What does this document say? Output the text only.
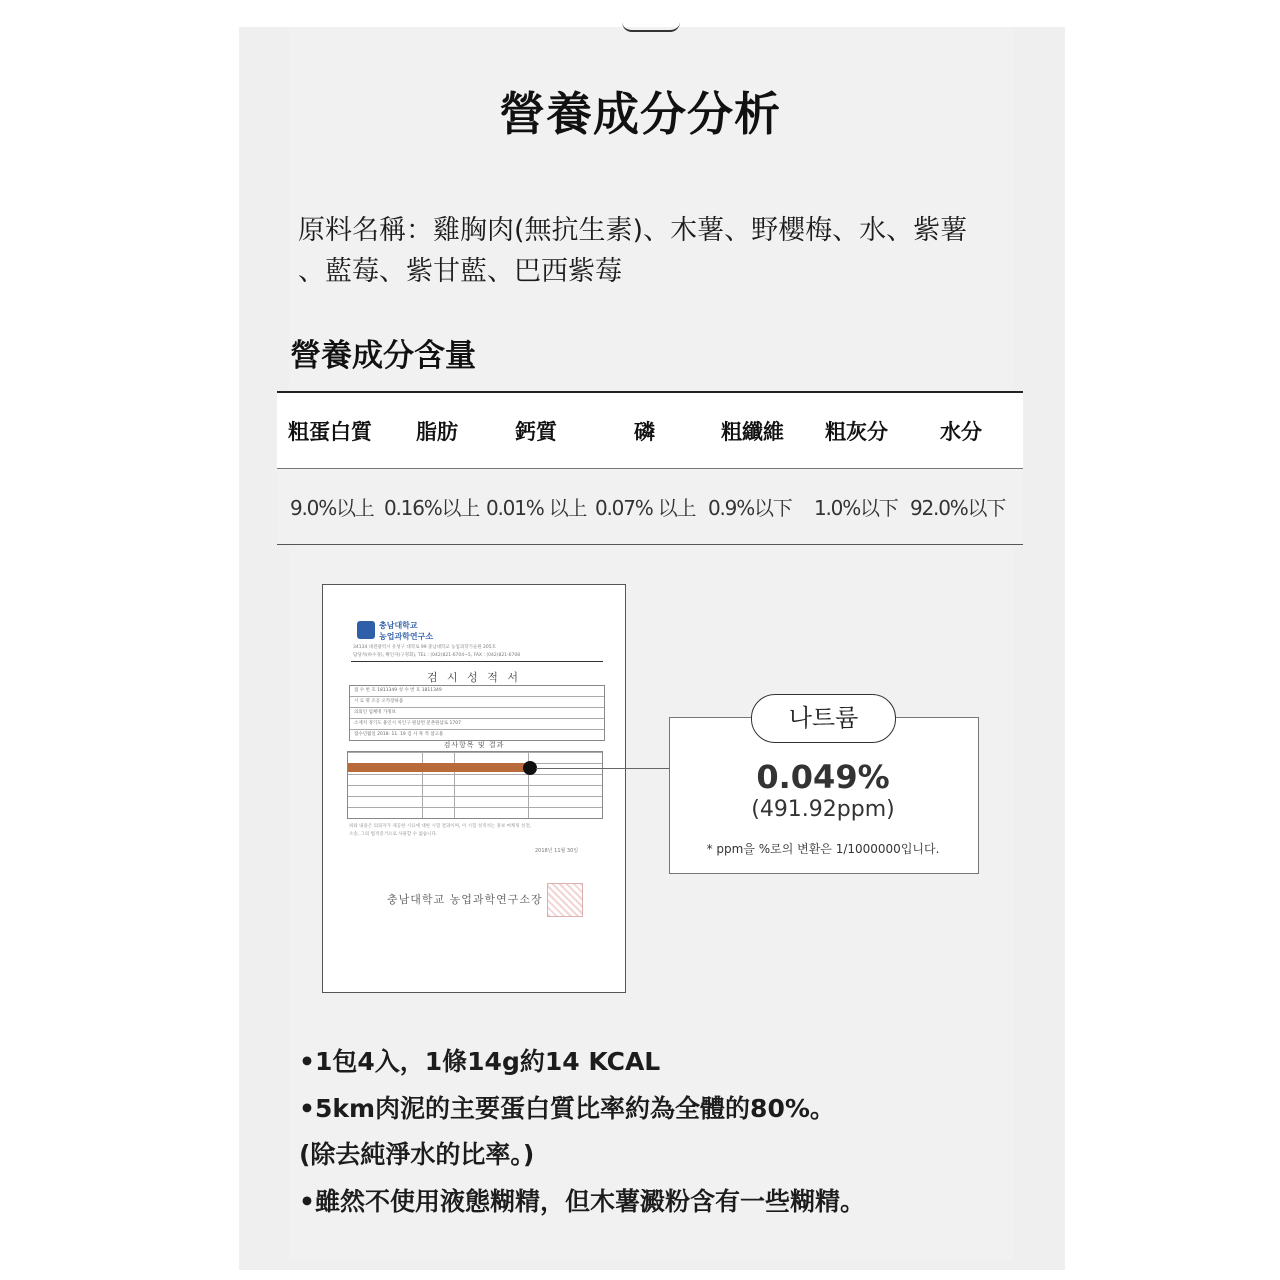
營養成分分析
原料名稱：雞胸肉(無抗生素)、木薯、野櫻梅、水、紫薯
、藍莓、紫甘藍、巴西紫莓
營養成分含量
粗蛋白質 脂肪	鈣質	磷	粗纖維 粗灰分 水分
9.0%以上 0.16%以上 0.01% 以上 0.07% 以上 0.9%以下 1.0%以下 92.0%以下
충남대학교
농업과학연구소
34134 대전광역시 유성구 대학로 99 충남대학교 농업과학기술원 205호
담당자(하수경), 확인자(구정회), TEL : (042)821-6704~5, FAX : (042)821-6708
검 시 성 적 서
접 수 번 호 1811349 성 수 번 호 1811349
시 료 명 조공 오카장하품
의뢰인 업체명 가정보
소재지 경기도 용인시 처인구 원삼면 문촌원삼로 1707
접수년월일 2018. 11. 19 검 사 목 적 참고용
검사항목 및 결과
위와 내용은 의뢰자가 제공한 시료에 대한 시험 결과이며, 이 시험 성적서는 홍보 마케팅 선전,
소송, 그외 법적증거으로 사용할 수 없습니다.
2018년 11월 30일
충남대학교 농업과학연구소장
나트륨
0.049%
(491.92ppm)
* ppm을 %로의 변환은 1/1000000입니다.
•1包4入，1條14g約14 KCAL
•5km肉泥的主要蛋白質比率約為全體的80%。
(除去純淨水的比率。)
•雖然不使用液態糊精，但木薯澱粉含有一些糊精。
